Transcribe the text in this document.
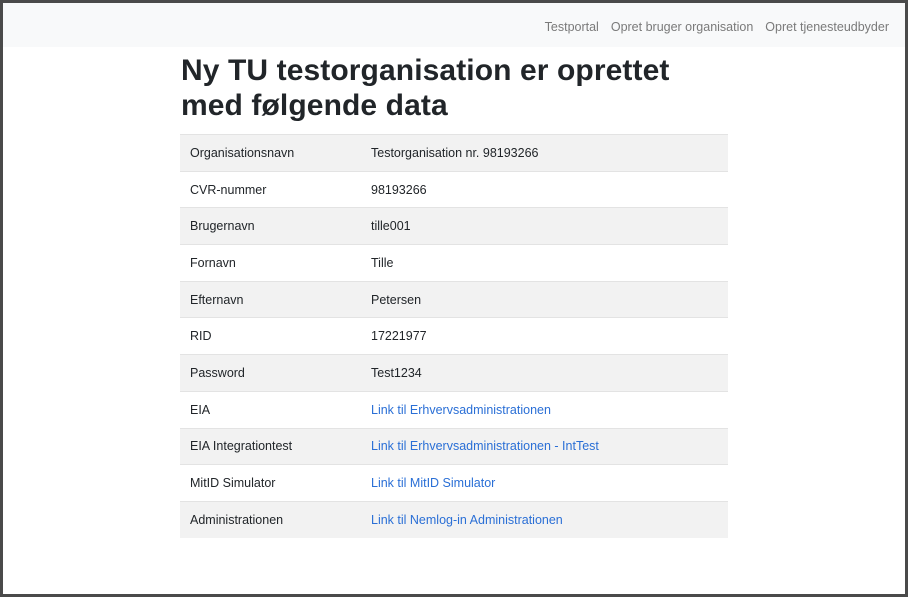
Testportal Opret bruger organisation Opret tjenesteudbyder
Ny TU testorganisation er oprettet med følgende data
Organisationsnavn	Testorganisation nr. 98193266
CVR-nummer	98193266
Brugernavn	tille001
Fornavn	Tille
Efternavn	Petersen
RID	17221977
Password	Test1234
EIA	Link til Erhvervsadministrationen
EIA Integrationtest	Link til Erhvervsadministrationen - IntTest
MitID Simulator	Link til MitID Simulator
Administrationen	Link til Nemlog-in Administrationen
